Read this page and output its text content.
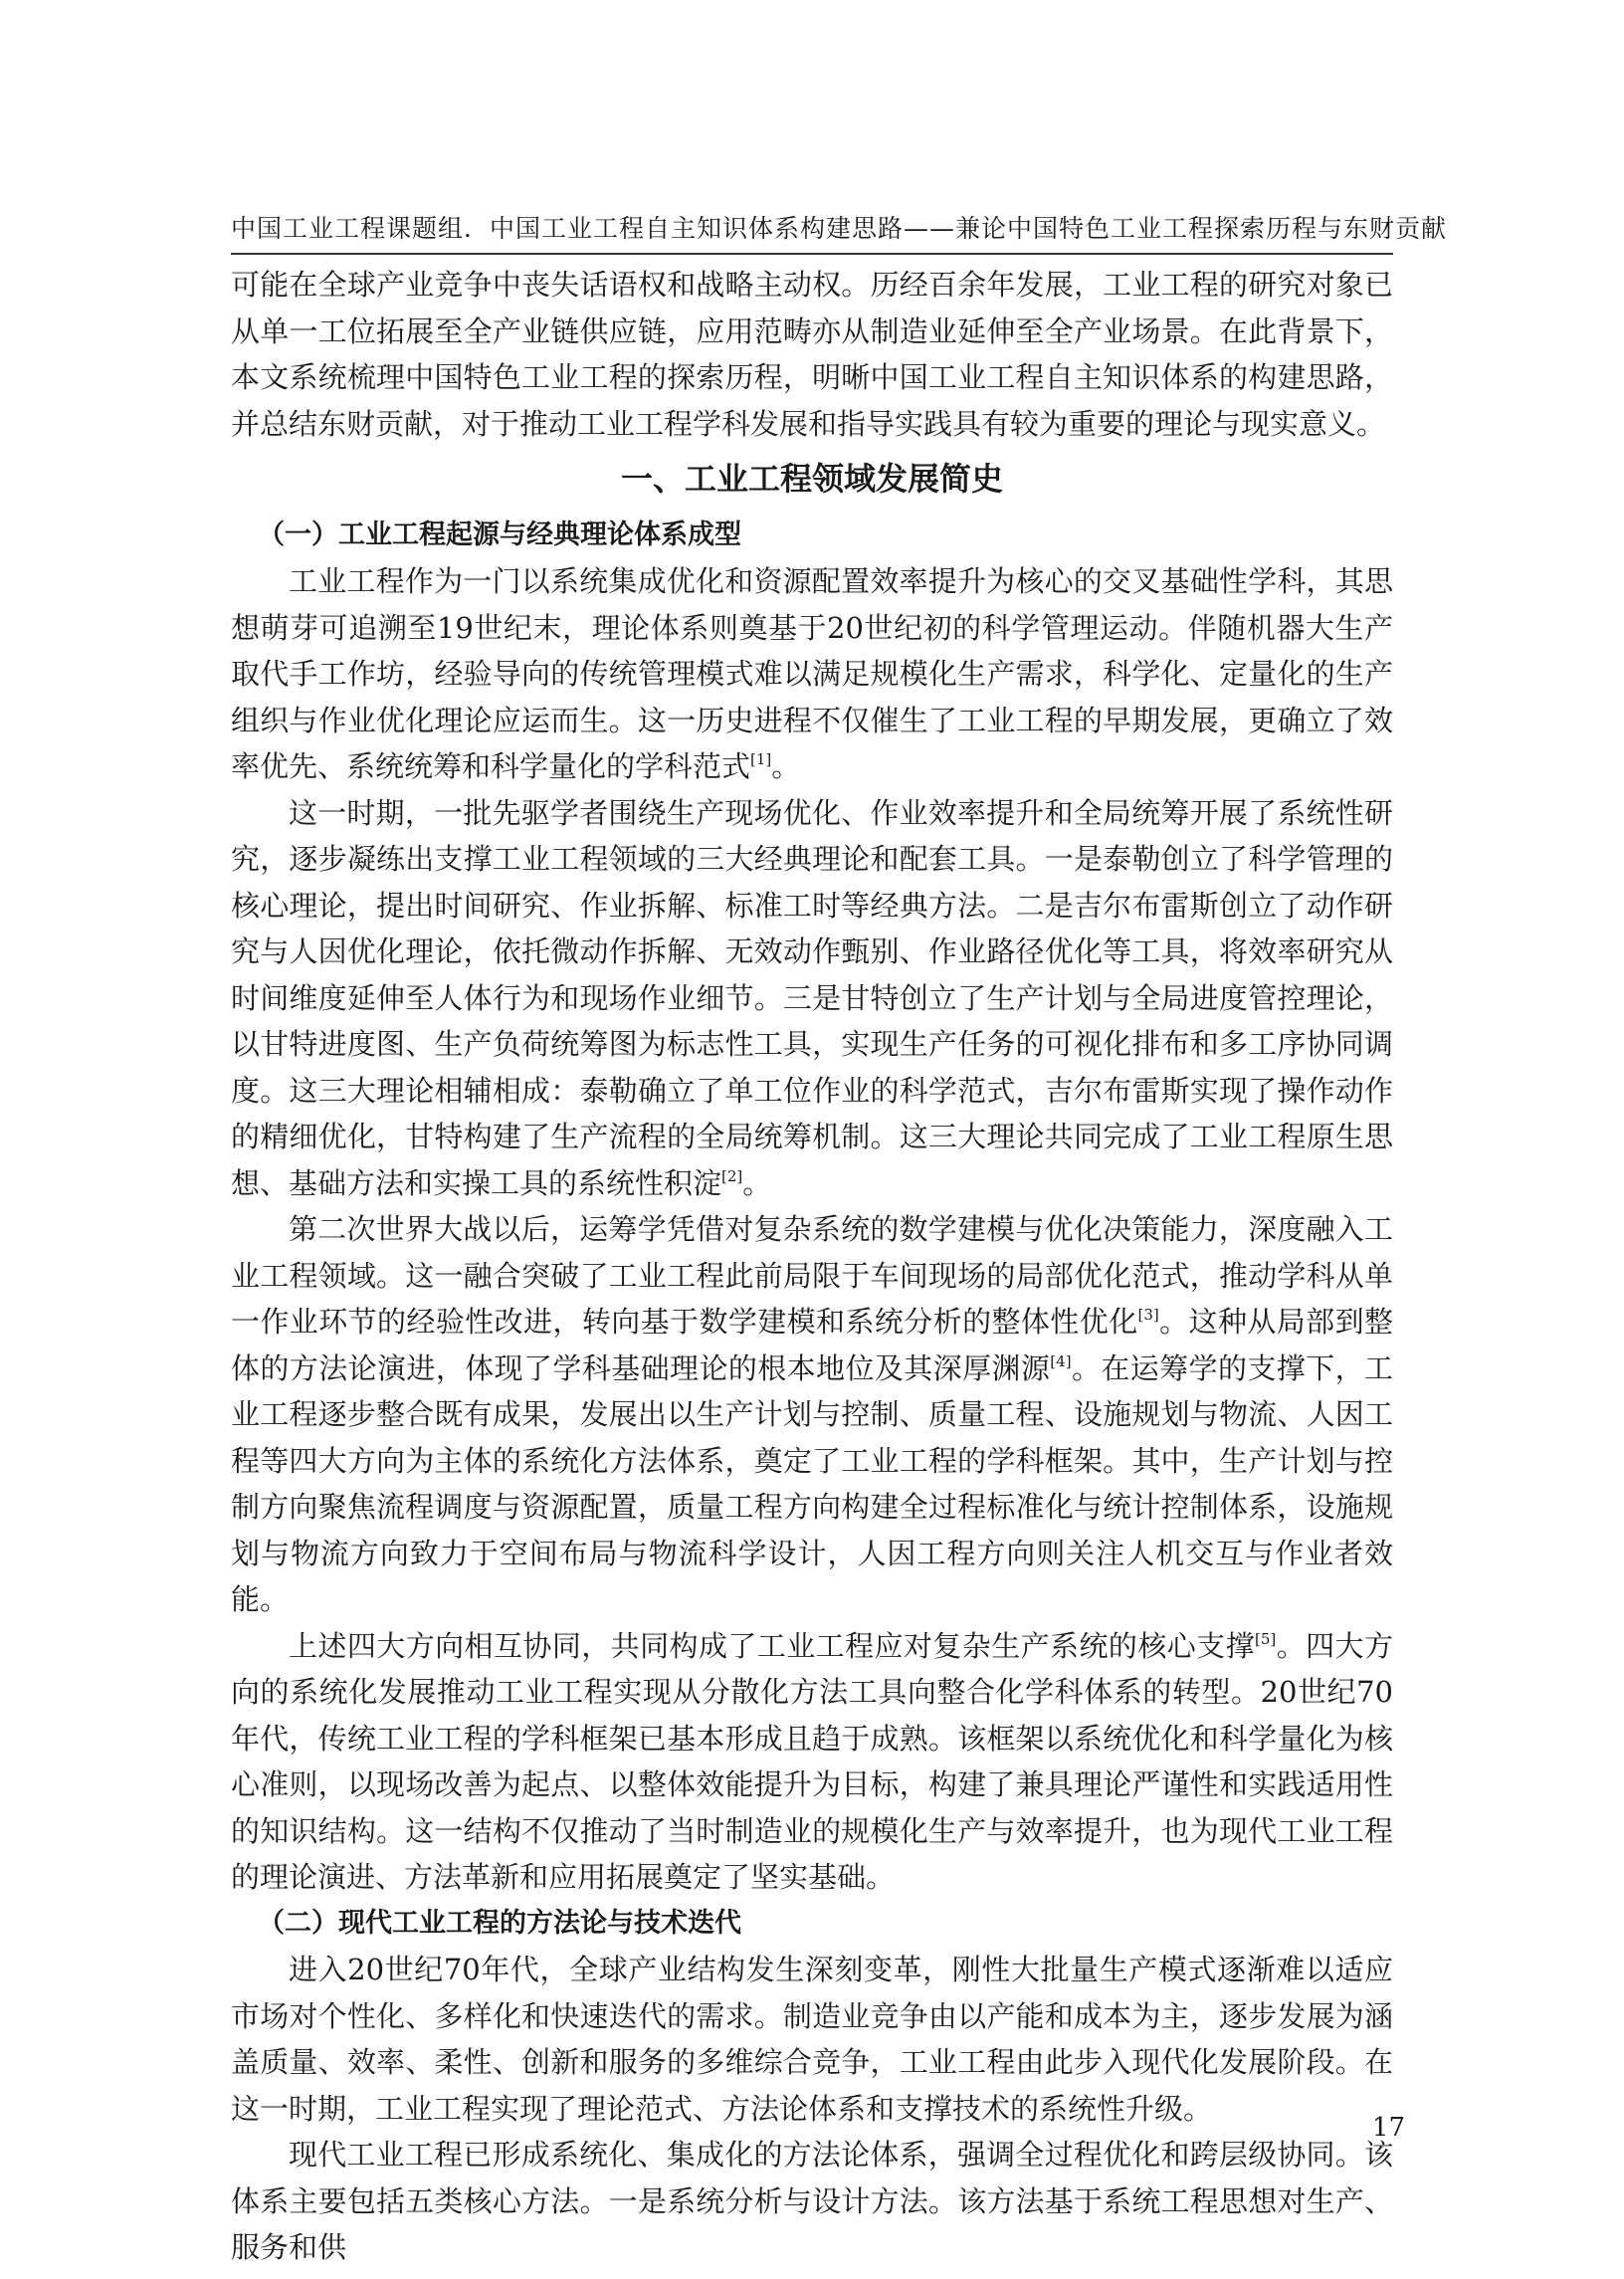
中国工业工程课题组．中国工业工程自主知识体系构建思路——兼论中国特色工业工程探索历程与东财贡献

可能在全球产业竞争中丧失话语权和战略主动权。历经百余年发展，工业工程的研究对象已从单一工位拓展至全产业链供应链，应用范畴亦从制造业延伸至全产业场景。在此背景下，本文系统梳理中国特色工业工程的探索历程，明晰中国工业工程自主知识体系的构建思路，并总结东财贡献，对于推动工业工程学科发展和指导实践具有较为重要的理论与现实意义。

一、工业工程领域发展简史
（一）工业工程起源与经典理论体系成型

工业工程作为一门以系统集成优化和资源配置效率提升为核心的交叉基础性学科，其思想萌芽可追溯至19世纪末，理论体系则奠基于20世纪初的科学管理运动。伴随机器大生产取代手工作坊，经验导向的传统管理模式难以满足规模化生产需求，科学化、定量化的生产组织与作业优化理论应运而生。这一历史进程不仅催生了工业工程的早期发展，更确立了效率优先、系统统筹和科学量化的学科范式[1]。

这一时期，一批先驱学者围绕生产现场优化、作业效率提升和全局统筹开展了系统性研究，逐步凝练出支撑工业工程领域的三大经典理论和配套工具。一是泰勒创立了科学管理的核心理论，提出时间研究、作业拆解、标准工时等经典方法。二是吉尔布雷斯创立了动作研究与人因优化理论，依托微动作拆解、无效动作甄别、作业路径优化等工具，将效率研究从时间维度延伸至人体行为和现场作业细节。三是甘特创立了生产计划与全局进度管控理论，以甘特进度图、生产负荷统筹图为标志性工具，实现生产任务的可视化排布和多工序协同调度。这三大理论相辅相成：泰勒确立了单工位作业的科学范式，吉尔布雷斯实现了操作动作的精细优化，甘特构建了生产流程的全局统筹机制。这三大理论共同完成了工业工程原生思想、基础方法和实操工具的系统性积淀[2]。

第二次世界大战以后，运筹学凭借对复杂系统的数学建模与优化决策能力，深度融入工业工程领域。这一融合突破了工业工程此前局限于车间现场的局部优化范式，推动学科从单一作业环节的经验性改进，转向基于数学建模和系统分析的整体性优化[3]。这种从局部到整体的方法论演进，体现了学科基础理论的根本地位及其深厚渊源[4]。在运筹学的支撑下，工业工程逐步整合既有成果，发展出以生产计划与控制、质量工程、设施规划与物流、人因工程等四大方向为主体的系统化方法体系，奠定了工业工程的学科框架。其中，生产计划与控制方向聚焦流程调度与资源配置，质量工程方向构建全过程标准化与统计控制体系，设施规划与物流方向致力于空间布局与物流科学设计，人因工程方向则关注人机交互与作业者效能。

上述四大方向相互协同，共同构成了工业工程应对复杂生产系统的核心支撑[5]。四大方向的系统化发展推动工业工程实现从分散化方法工具向整合化学科体系的转型。20世纪70年代，传统工业工程的学科框架已基本形成且趋于成熟。该框架以系统优化和科学量化为核心准则，以现场改善为起点、以整体效能提升为目标，构建了兼具理论严谨性和实践适用性的知识结构。这一结构不仅推动了当时制造业的规模化生产与效率提升，也为现代工业工程的理论演进、方法革新和应用拓展奠定了坚实基础。

（二）现代工业工程的方法论与技术迭代

进入20世纪70年代，全球产业结构发生深刻变革，刚性大批量生产模式逐渐难以适应市场对个性化、多样化和快速迭代的需求。制造业竞争由以产能和成本为主，逐步发展为涵盖质量、效率、柔性、创新和服务的多维综合竞争，工业工程由此步入现代化发展阶段。在这一时期，工业工程实现了理论范式、方法论体系和支撑技术的系统性升级。

现代工业工程已形成系统化、集成化的方法论体系，强调全过程优化和跨层级协同。该体系主要包括五类核心方法。一是系统分析与设计方法。该方法基于系统工程思想对生产、服务和供

17
